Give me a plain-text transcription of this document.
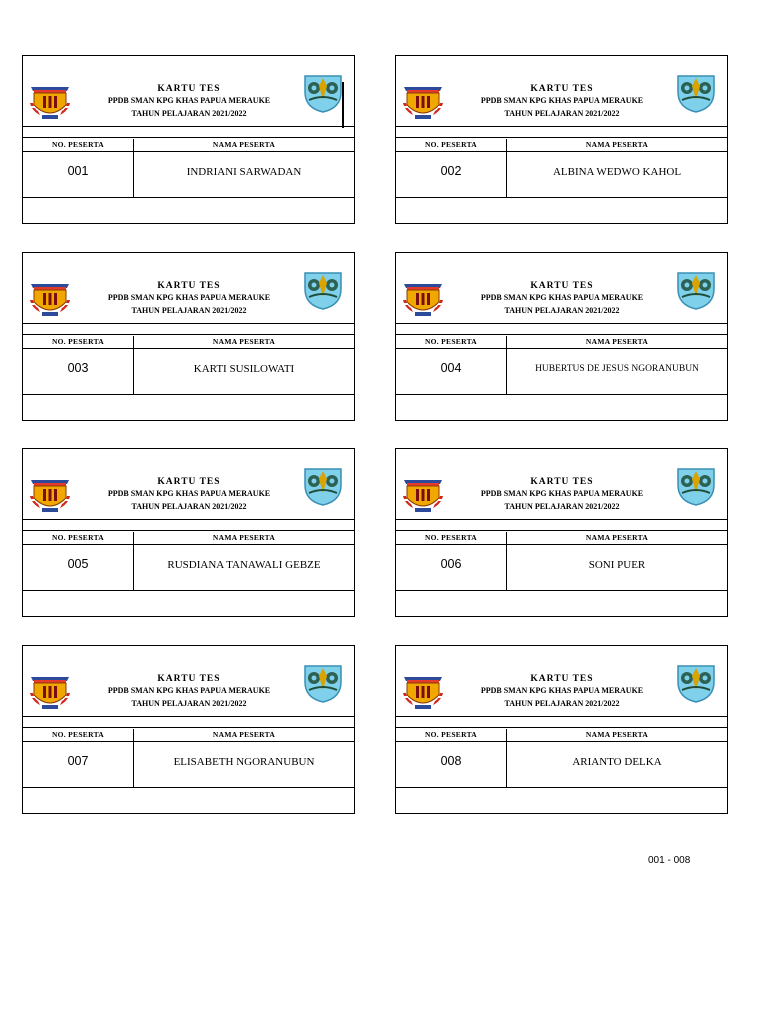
KARTU TES
PPDB SMAN KPG KHAS PAPUA MERAUKE
TAHUN PELAJARAN 2021/2022
NO. PESERTA	NAMA PESERTA
001	INDRIANI SARWADAN
KARTU TES
PPDB SMAN KPG KHAS PAPUA MERAUKE
TAHUN PELAJARAN 2021/2022
NO. PESERTA	NAMA PESERTA
002	ALBINA WEDWO KAHOL
KARTU TES
PPDB SMAN KPG KHAS PAPUA MERAUKE
TAHUN PELAJARAN 2021/2022
NO. PESERTA	NAMA PESERTA
003	KARTI SUSILOWATI
KARTU TES
PPDB SMAN KPG KHAS PAPUA MERAUKE
TAHUN PELAJARAN 2021/2022
NO. PESERTA	NAMA PESERTA
004	HUBERTUS DE JESUS NGORANUBUN
KARTU TES
PPDB SMAN KPG KHAS PAPUA MERAUKE
TAHUN PELAJARAN 2021/2022
NO. PESERTA	NAMA PESERTA
005	RUSDIANA TANAWALI GEBZE
KARTU TES
PPDB SMAN KPG KHAS PAPUA MERAUKE
TAHUN PELAJARAN 2021/2022
NO. PESERTA	NAMA PESERTA
006	SONI PUER
KARTU TES
PPDB SMAN KPG KHAS PAPUA MERAUKE
TAHUN PELAJARAN 2021/2022
NO. PESERTA	NAMA PESERTA
007	ELISABETH NGORANUBUN
KARTU TES
PPDB SMAN KPG KHAS PAPUA MERAUKE
TAHUN PELAJARAN 2021/2022
NO. PESERTA	NAMA PESERTA
008	ARIANTO DELKA
001 - 008
